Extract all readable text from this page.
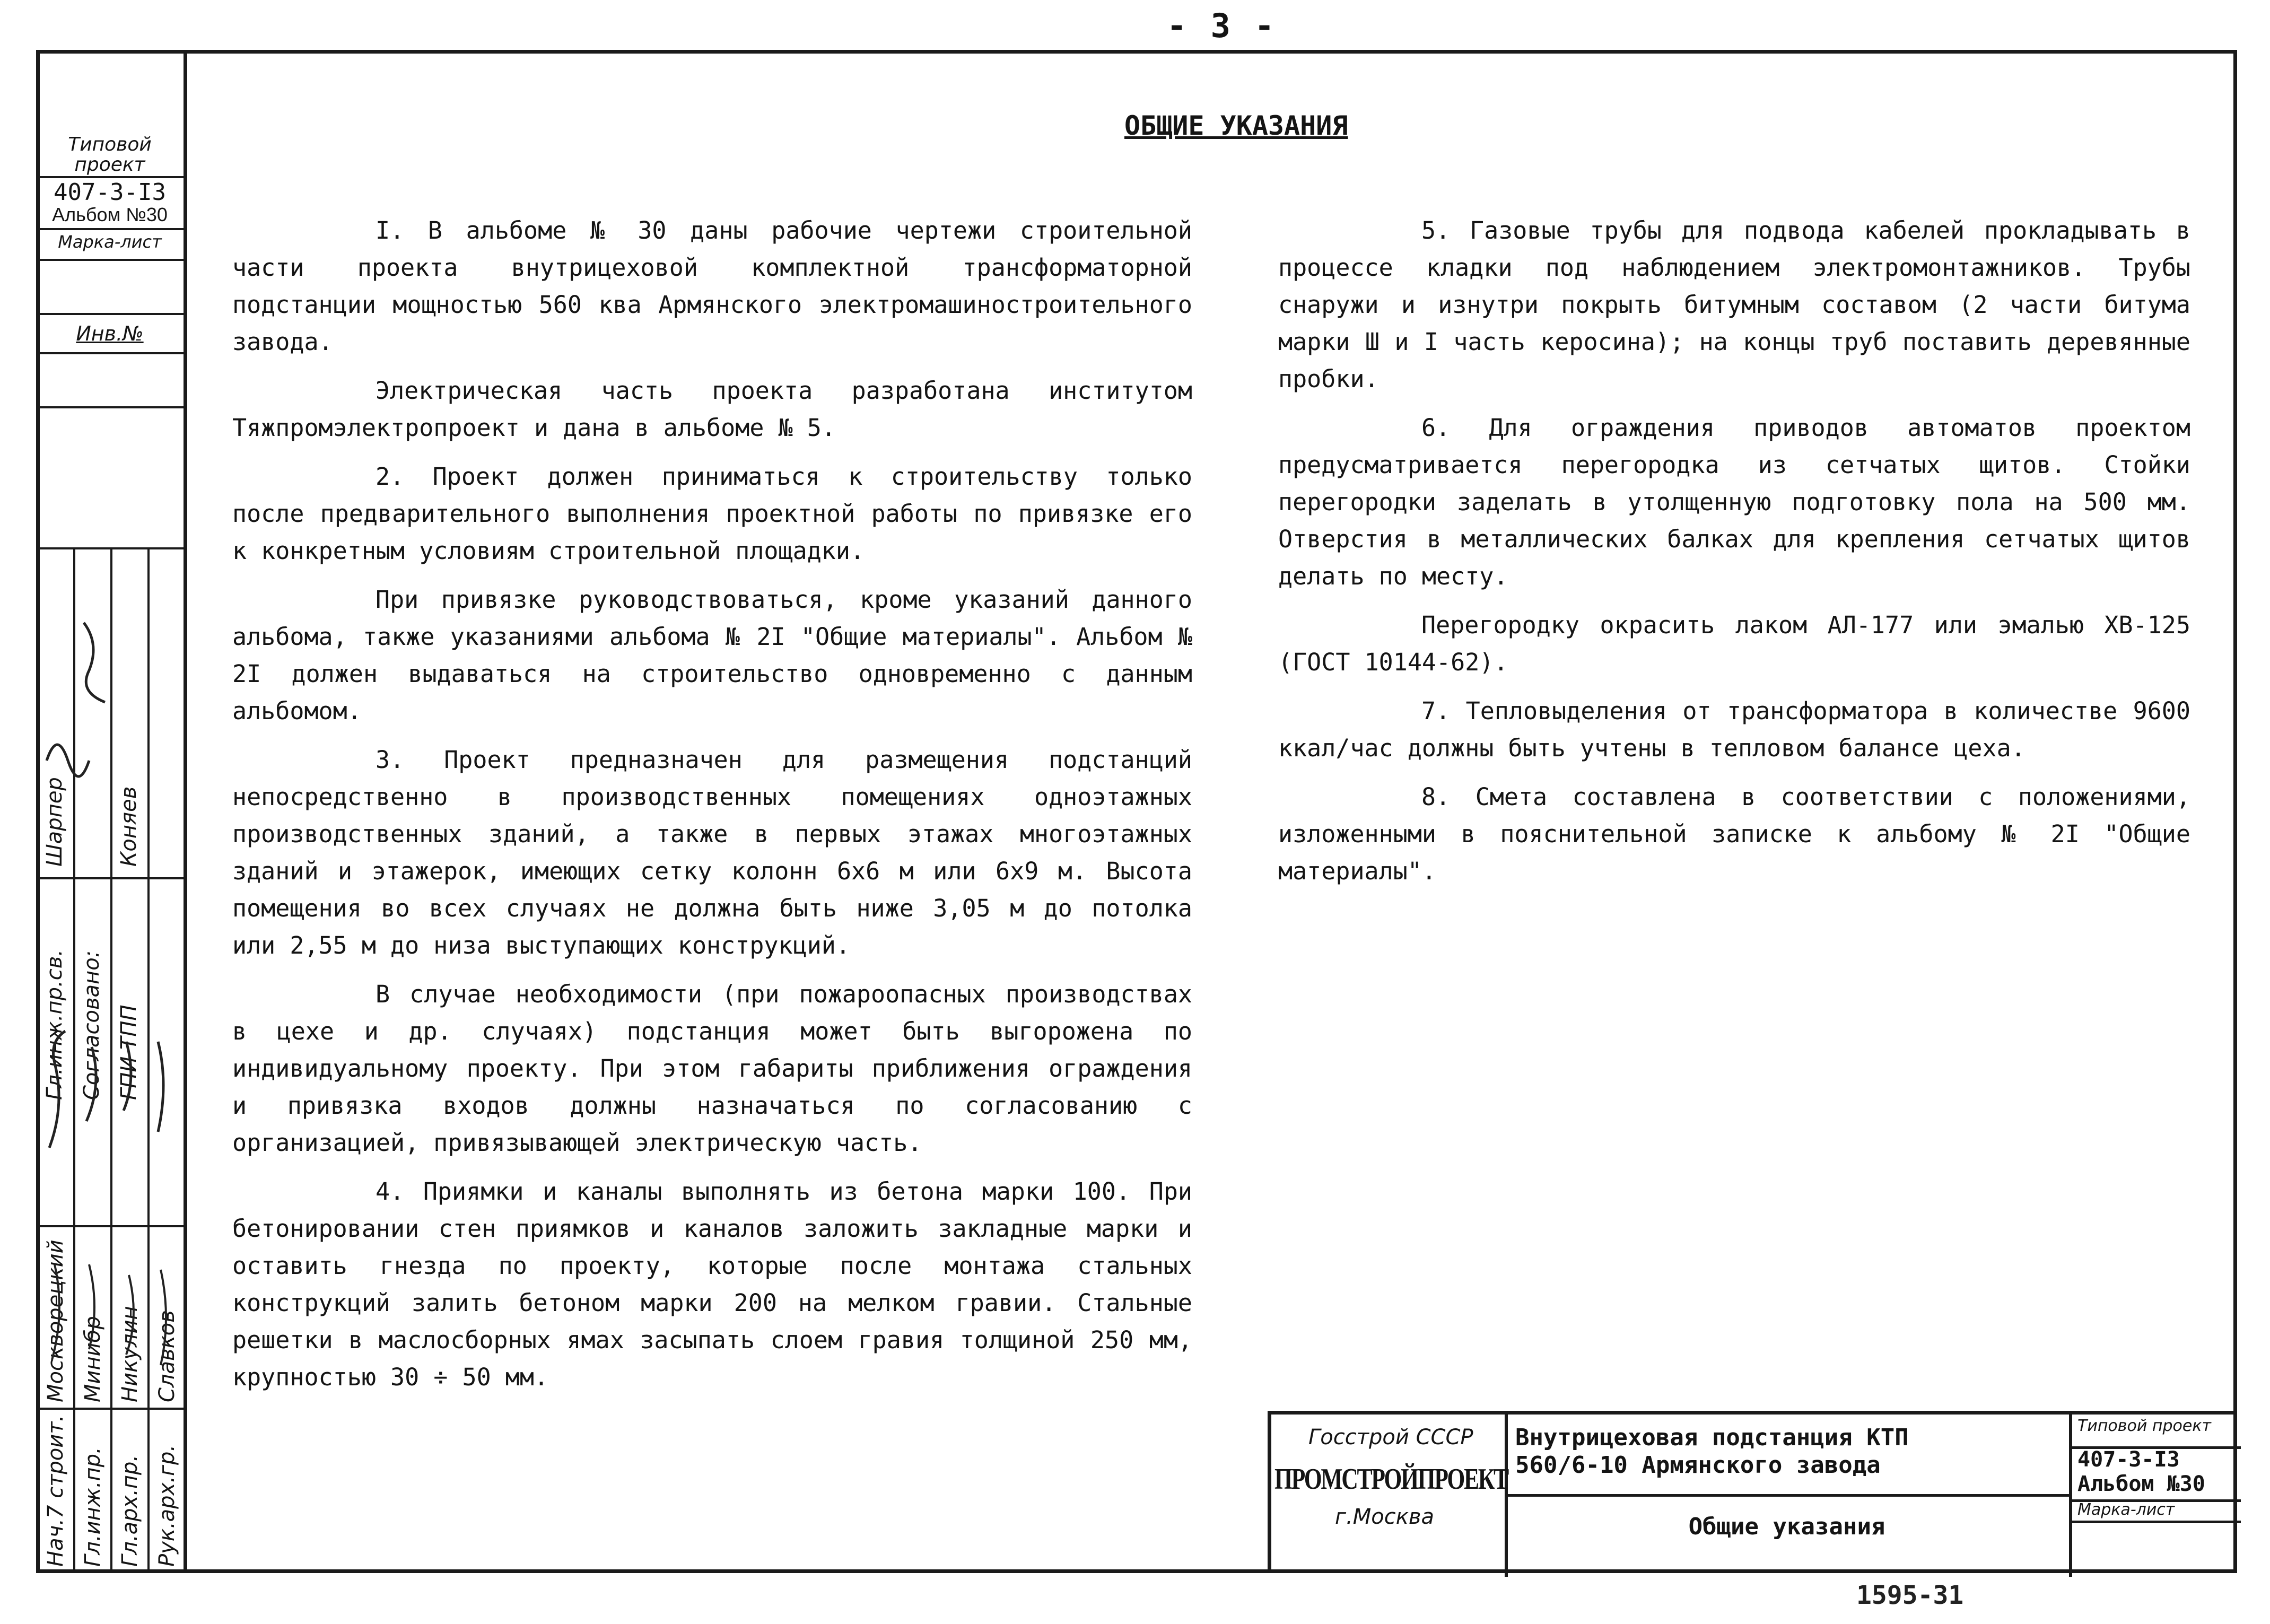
- 3 -
Типовой проект
407-3-I3
Альбом №30
Марка-лист
Инв.№
Гл.инж.пр.св.
Шарпер
Согласовано: ГПИ ТПП
Коняев
Нач.7 строит.
Москворецкий
Гл.инж.пр.
Минибр
Гл.арх.пр.
Никулин
Рук.арх.гр.
Славков
ОБЩИЕ УКАЗАНИЯ

I. В альбоме № 30 даны рабочие чертежи строительной части проекта внутрицеховой комплектной трансформаторной подстанции мощностью 560 ква Армянского электромашиностроительного завода.

Электрическая часть проекта разработана институтом Тяжпромэлектропроект и дана в альбоме № 5.

2. Проект должен приниматься к строительству только после предварительного выполнения проектной работы по привязке его к конкретным условиям строительной площадки.

При привязке руководствоваться, кроме указаний данного альбома, также указаниями альбома № 2I "Общие материалы". Альбом № 2I должен выдаваться на строительство одновременно с данным альбомом.

3. Проект предназначен для размещения подстанций непосредственно в производственных помещениях одноэтажных производственных зданий, а также в первых этажах многоэтажных зданий и этажерок, имеющих сетку колонн 6х6 м или 6х9 м. Высота помещения во всех случаях не должна быть ниже 3,05 м до потолка или 2,55 м до низа выступающих конструкций.

В случае необходимости (при пожароопасных производствах в цехе и др. случаях) подстанция может быть выгорожена по индивидуальному проекту. При этом габариты приближения ограждения и привязка входов должны назначаться по согласованию с организацией, привязывающей электрическую часть.

4. Приямки и каналы выполнять из бетона марки 100. При бетонировании стен приямков и каналов заложить закладные марки и оставить гнезда по проекту, которые после монтажа стальных конструкций залить бетоном марки 200 на мелком гравии. Стальные решетки в маслосборных ямах засыпать слоем гравия толщиной 250 мм, крупностью 30 ÷ 50 мм.

5. Газовые трубы для подвода кабелей прокладывать в процессе кладки под наблюдением электромонтажников. Трубы снаружи и изнутри покрыть битумным составом (2 части битума марки Ш и I часть керосина); на концы труб поставить деревянные пробки.

6. Для ограждения приводов автоматов проектом предусматривается перегородка из сетчатых щитов. Стойки перегородки заделать в утолщенную подготовку пола на 500 мм. Отверстия в металлических балках для крепления сетчатых щитов делать по месту.

Перегородку окрасить лаком АЛ-177 или эмалью ХВ-125 (ГОСТ 10144-62).

7. Тепловыделения от трансформатора в количестве 9600 ккал/час должны быть учтены в тепловом балансе цеха.

8. Смета составлена в соответствии с положениями, изложенными в пояснительной записке к альбому № 2I "Общие материалы".

Госстрой СССР
ПРОМСТРОЙПРОЕКТ
г.Москва
Внутрицеховая подстанция КТП 560/6-10 Армянского завода
Общие указания
Типовой проект
407-3-I3
Альбом №30
Марка-лист
1595-31
